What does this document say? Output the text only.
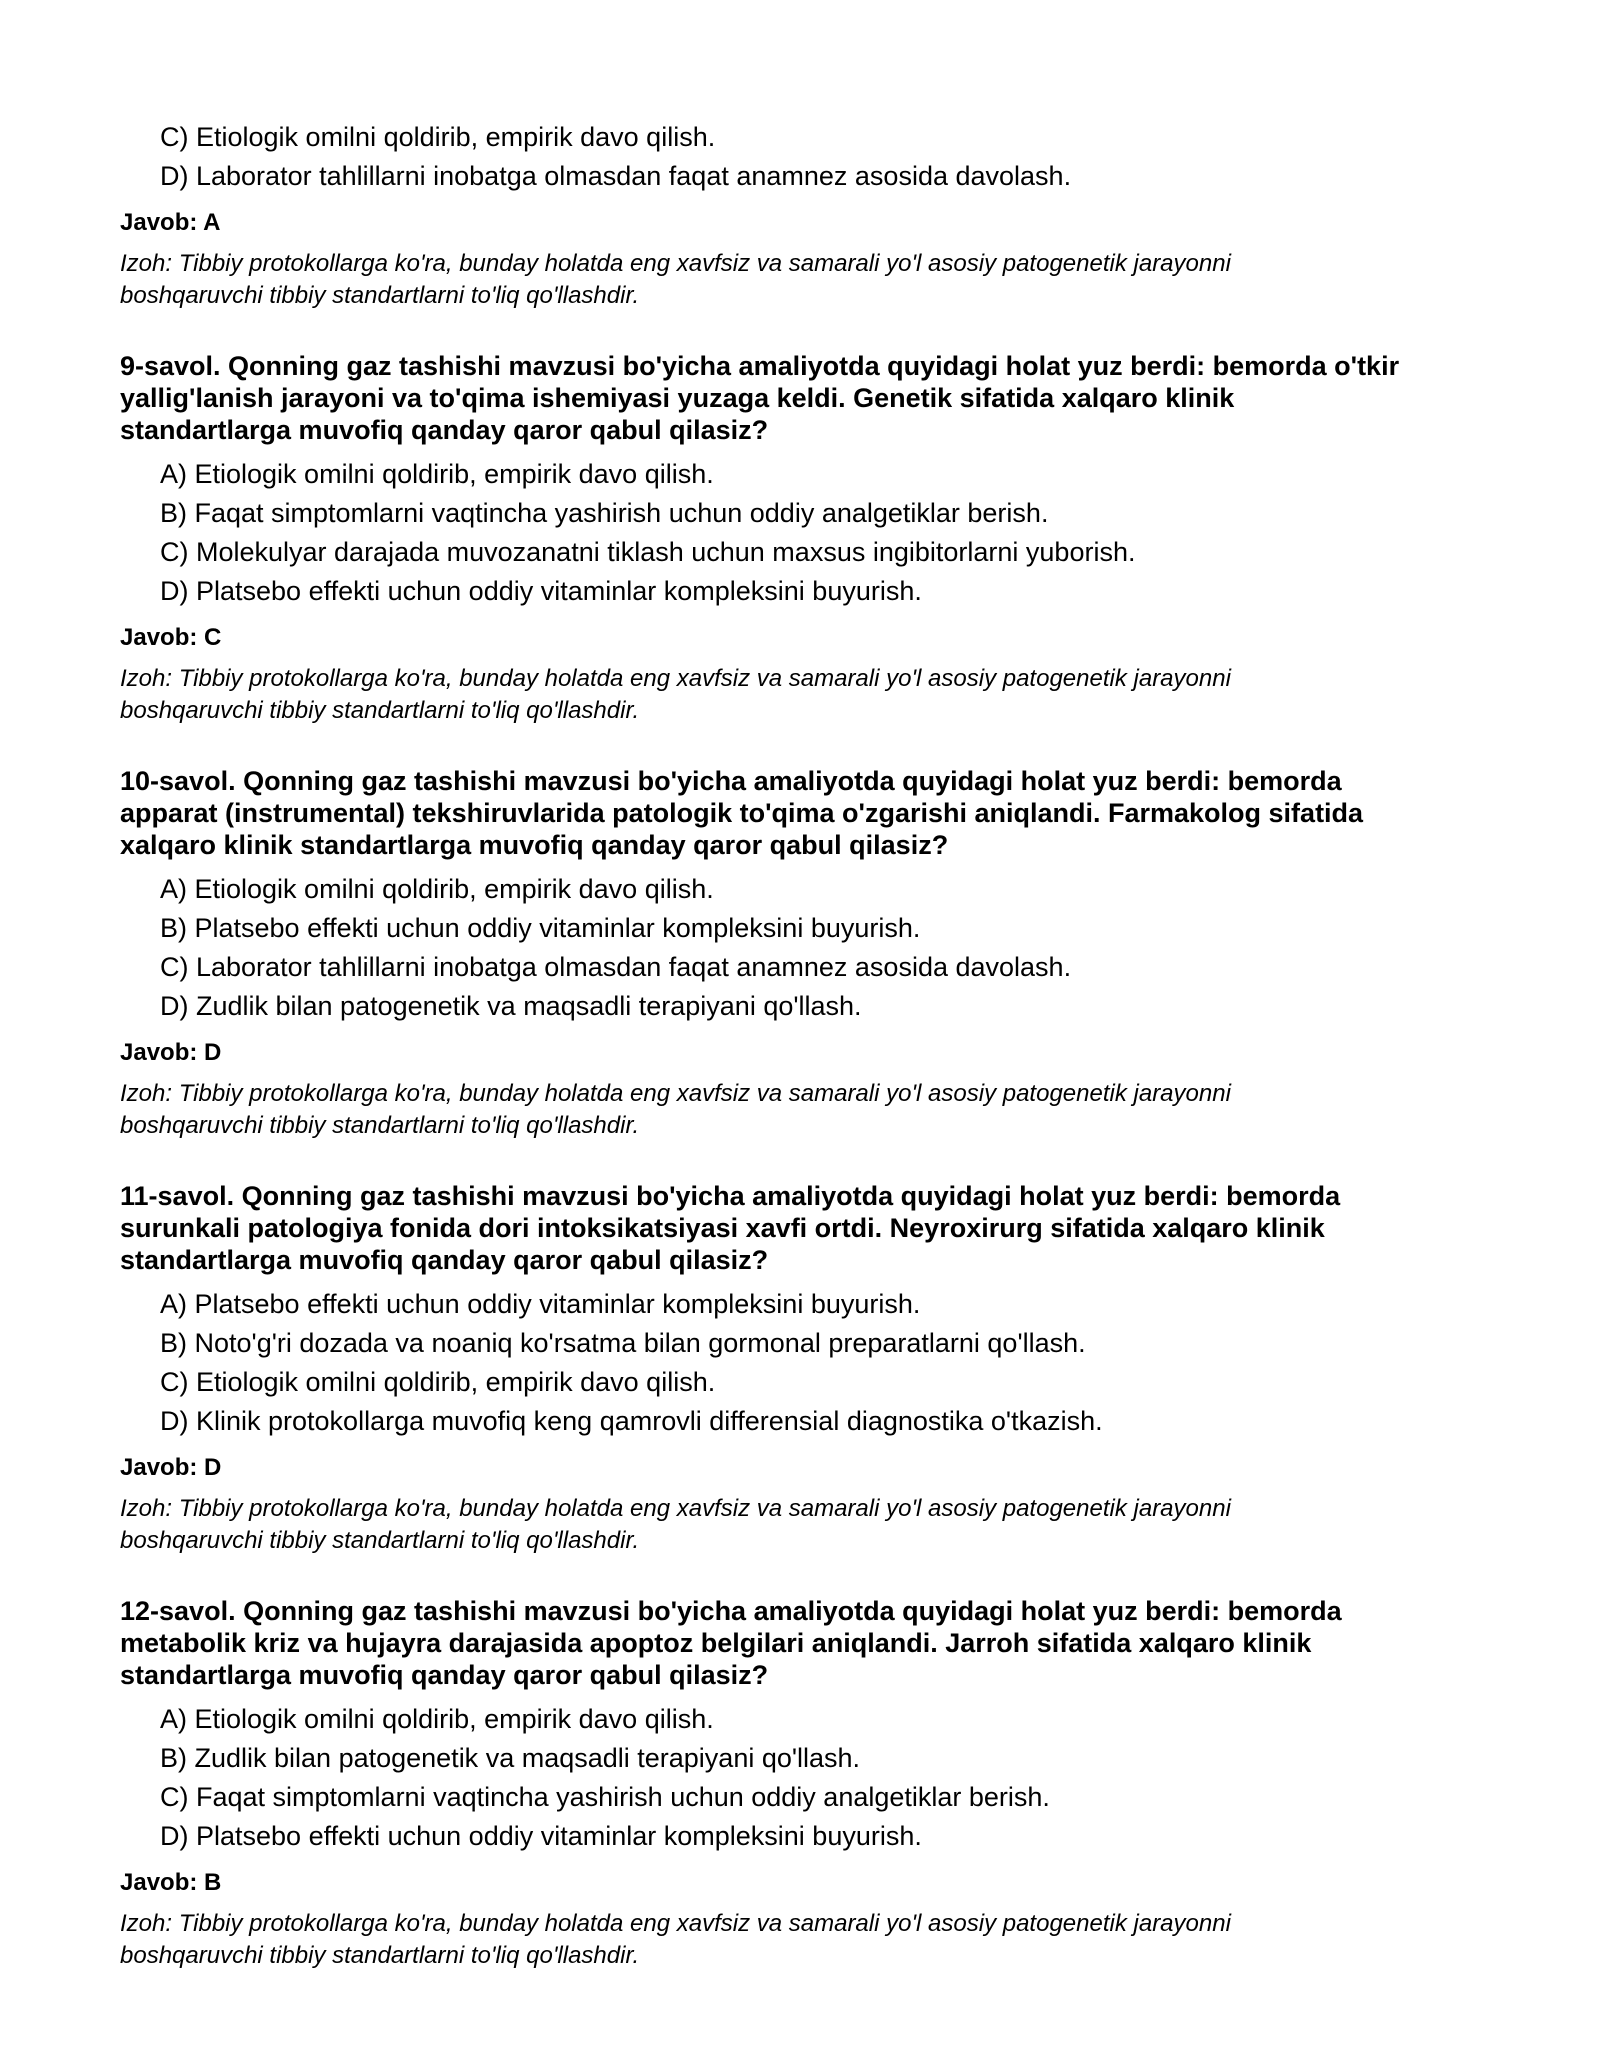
C) Etiologik omilni qoldirib, empirik davo qilish.
D) Laborator tahlillarni inobatga olmasdan faqat anamnez asosida davolash.
Javob: A
Izoh: Tibbiy protokollarga ko'ra, bunday holatda eng xavfsiz va samarali yo'l asosiy patogenetik jarayonni
boshqaruvchi tibbiy standartlarni to'liq qo'llashdir.
9-savol. Qonning gaz tashishi mavzusi bo'yicha amaliyotda quyidagi holat yuz berdi: bemorda o'tkir
yallig'lanish jarayoni va to'qima ishemiyasi yuzaga keldi. Genetik sifatida xalqaro klinik
standartlarga muvofiq qanday qaror qabul qilasiz?
A) Etiologik omilni qoldirib, empirik davo qilish.
B) Faqat simptomlarni vaqtincha yashirish uchun oddiy analgetiklar berish.
C) Molekulyar darajada muvozanatni tiklash uchun maxsus ingibitorlarni yuborish.
D) Platsebo effekti uchun oddiy vitaminlar kompleksini buyurish.
Javob: C
Izoh: Tibbiy protokollarga ko'ra, bunday holatda eng xavfsiz va samarali yo'l asosiy patogenetik jarayonni
boshqaruvchi tibbiy standartlarni to'liq qo'llashdir.
10-savol. Qonning gaz tashishi mavzusi bo'yicha amaliyotda quyidagi holat yuz berdi: bemorda
apparat (instrumental) tekshiruvlarida patologik to'qima o'zgarishi aniqlandi. Farmakolog sifatida
xalqaro klinik standartlarga muvofiq qanday qaror qabul qilasiz?
A) Etiologik omilni qoldirib, empirik davo qilish.
B) Platsebo effekti uchun oddiy vitaminlar kompleksini buyurish.
C) Laborator tahlillarni inobatga olmasdan faqat anamnez asosida davolash.
D) Zudlik bilan patogenetik va maqsadli terapiyani qo'llash.
Javob: D
Izoh: Tibbiy protokollarga ko'ra, bunday holatda eng xavfsiz va samarali yo'l asosiy patogenetik jarayonni
boshqaruvchi tibbiy standartlarni to'liq qo'llashdir.
11-savol. Qonning gaz tashishi mavzusi bo'yicha amaliyotda quyidagi holat yuz berdi: bemorda
surunkali patologiya fonida dori intoksikatsiyasi xavfi ortdi. Neyroxirurg sifatida xalqaro klinik
standartlarga muvofiq qanday qaror qabul qilasiz?
A) Platsebo effekti uchun oddiy vitaminlar kompleksini buyurish.
B) Noto'g'ri dozada va noaniq ko'rsatma bilan gormonal preparatlarni qo'llash.
C) Etiologik omilni qoldirib, empirik davo qilish.
D) Klinik protokollarga muvofiq keng qamrovli differensial diagnostika o'tkazish.
Javob: D
Izoh: Tibbiy protokollarga ko'ra, bunday holatda eng xavfsiz va samarali yo'l asosiy patogenetik jarayonni
boshqaruvchi tibbiy standartlarni to'liq qo'llashdir.
12-savol. Qonning gaz tashishi mavzusi bo'yicha amaliyotda quyidagi holat yuz berdi: bemorda
metabolik kriz va hujayra darajasida apoptoz belgilari aniqlandi. Jarroh sifatida xalqaro klinik
standartlarga muvofiq qanday qaror qabul qilasiz?
A) Etiologik omilni qoldirib, empirik davo qilish.
B) Zudlik bilan patogenetik va maqsadli terapiyani qo'llash.
C) Faqat simptomlarni vaqtincha yashirish uchun oddiy analgetiklar berish.
D) Platsebo effekti uchun oddiy vitaminlar kompleksini buyurish.
Javob: B
Izoh: Tibbiy protokollarga ko'ra, bunday holatda eng xavfsiz va samarali yo'l asosiy patogenetik jarayonni
boshqaruvchi tibbiy standartlarni to'liq qo'llashdir.
